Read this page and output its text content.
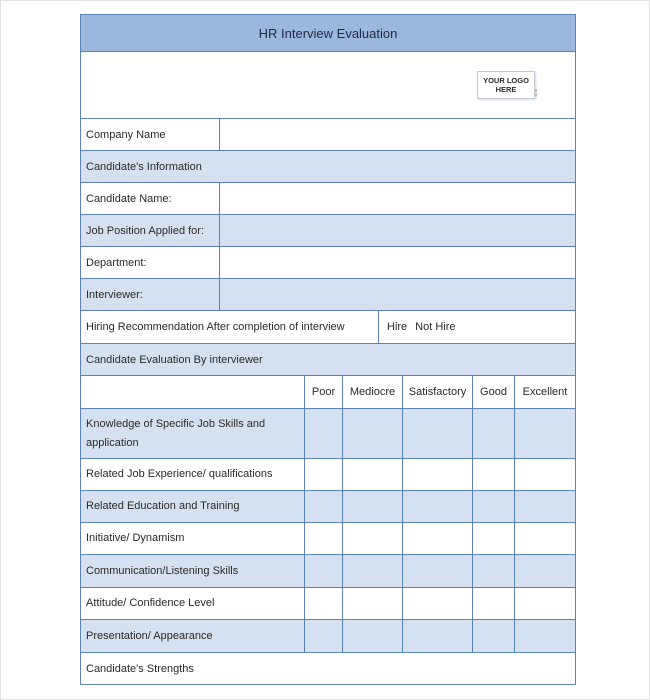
HR Interview Evaluation
YOUR LOGO
HERE ¦
Company Name
Candidate's Information
Candidate Name:
Job Position Applied for:
Department:
Interviewer:
Hiring Recommendation After completion of interview	Hire Not Hire
Candidate Evaluation By interviewer
Poor	Mediocre	Satisfactory	Good	Excellent
Knowledge of Specific Job Skills and application
Related Job Experience/ qualifications
Related Education and Training
Initiative/ Dynamism
Communication/Listening Skills
Attitude/ Confidence Level
Presentation/ Appearance
Candidate's Strengths
